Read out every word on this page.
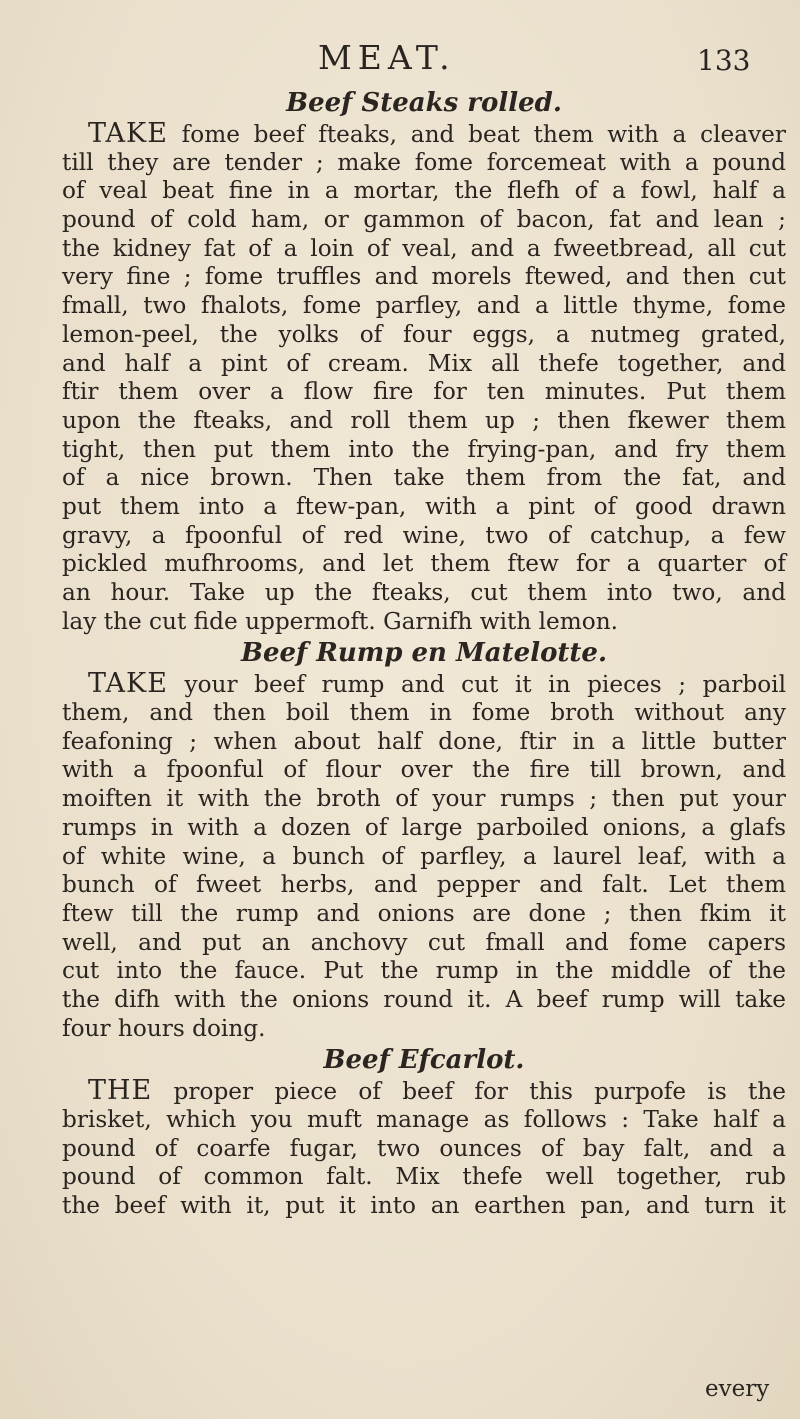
MEAT.	133
Beef Steaks rolled.
TAKE fome beef fteaks, and beat them with a cleaver
till they are tender ; make fome forcemeat with a pound
of veal beat fine in a mortar, the flefh of a fowl, half a
pound of cold ham, or gammon of bacon, fat and lean ;
the kidney fat of a loin of veal, and a fweetbread, all cut
very fine ; fome truffles and morels ftewed, and then cut
fmall, two fhalots, fome parfley, and a little thyme, fome
lemon-peel, the yolks of four eggs, a nutmeg grated,
and half a pint of cream. Mix all thefe together, and
ftir them over a flow fire for ten minutes. Put them
upon the fteaks, and roll them up ; then fkewer them
tight, then put them into the frying-pan, and fry them
of a nice brown. Then take them from the fat, and
put them into a ftew-pan, with a pint of good drawn
gravy, a fpoonful of red wine, two of catchup, a few
pickled mufhrooms, and let them ftew for a quarter of
an hour. Take up the fteaks, cut them into two, and
lay the cut fide uppermoft. Garnifh with lemon.
Beef Rump en Matelotte.
TAKE your beef rump and cut it in pieces ; parboil
them, and then boil them in fome broth without any
feafoning ; when about half done, ftir in a little butter
with a fpoonful of flour over the fire till brown, and
moiften it with the broth of your rumps ; then put your
rumps in with a dozen of large parboiled onions, a glafs
of white wine, a bunch of parfley, a laurel leaf, with a
bunch of fweet herbs, and pepper and falt. Let them
ftew till the rump and onions are done ; then fkim it
well, and put an anchovy cut fmall and fome capers
cut into the fauce. Put the rump in the middle of the
the difh with the onions round it. A beef rump will take
four hours doing.
Beef Efcarlot.
THE proper piece of beef for this purpofe is the
brisket, which you muft manage as follows : Take half a
pound of coarfe fugar, two ounces of bay falt, and a
pound of common falt. Mix thefe well together, rub
the beef with it, put it into an earthen pan, and turn it
every
